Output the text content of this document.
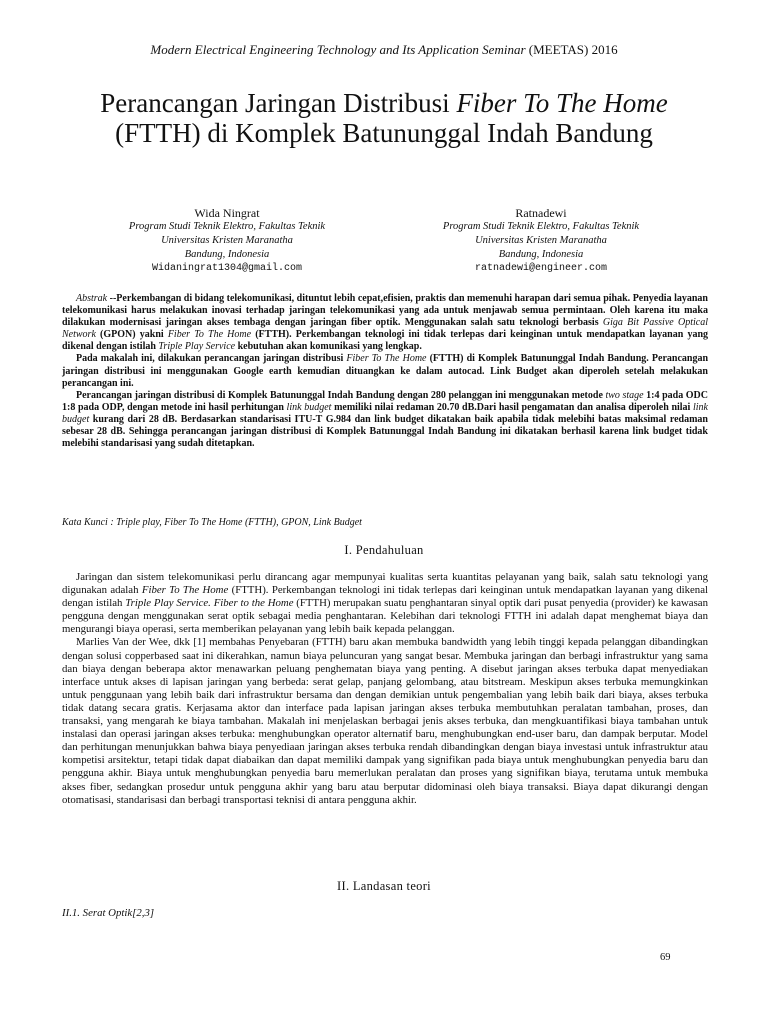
Modern Electrical Engineering Technology and Its Application Seminar (MEETAS) 2016
Perancangan Jaringan Distribusi Fiber To The Home (FTTH) di Komplek Batununggal Indah Bandung
Wida Ningrat
Program Studi Teknik Elektro, Fakultas Teknik
Universitas Kristen Maranatha
Bandung, Indonesia
Widaningrat1304@gmail.com
Ratnadewi
Program Studi Teknik Elektro, Fakultas Teknik
Universitas Kristen Maranatha
Bandung, Indonesia
ratnadewi@engineer.com

Abstrak --Perkembangan di bidang telekomunikasi, dituntut lebih cepat,efisien, praktis dan memenuhi harapan dari semua pihak. Penyedia layanan telekomunikasi harus melakukan inovasi terhadap jaringan telekomunikasi yang ada untuk menjawab semua permintaan. Oleh karena itu maka dilakukan modernisasi jaringan akses tembaga dengan jaringan fiber optik. Menggunakan salah satu teknologi berbasis Giga Bit Passive Optical Network (GPON) yakni Fiber To The Home (FTTH). Perkembangan teknologi ini tidak terlepas dari keinginan untuk mendapatkan layanan yang dikenal dengan istilah Triple Play Service kebutuhan akan komunikasi yang lengkap.

Pada makalah ini, dilakukan perancangan jaringan distribusi Fiber To The Home (FTTH) di Komplek Batununggal Indah Bandung. Perancangan jaringan distribusi ini menggunakan Google earth kemudian dituangkan ke dalam autocad. Link Budget akan diperoleh setelah melakukan perancangan ini.

Perancangan jaringan distribusi di Komplek Batununggal Indah Bandung dengan 280 pelanggan ini menggunakan metode two stage 1:4 pada ODC 1:8 pada ODP, dengan metode ini hasil perhitungan link budget memiliki nilai redaman 20.70 dB.Dari hasil pengamatan dan analisa diperoleh nilai link budget kurang dari 28 dB. Berdasarkan standarisasi ITU-T G.984 dan link budget dikatakan baik apabila tidak melebihi batas maksimal redaman sebesar 28 dB. Sehingga perancangan jaringan distribusi di Komplek Batununggal Indah Bandung ini dikatakan berhasil karena link budget tidak melebihi standarisasi yang sudah ditetapkan.

Kata Kunci : Triple play, Fiber To The Home (FTTH), GPON, Link Budget
I. Pendahuluan

Jaringan dan sistem telekomunikasi perlu dirancang agar mempunyai kualitas serta kuantitas pelayanan yang baik, salah satu teknologi yang digunakan adalah Fiber To The Home (FTTH). Perkembangan teknologi ini tidak terlepas dari keinginan untuk mendapatkan layanan yang dikenal dengan istilah Triple Play Service. Fiber to the Home (FTTH) merupakan suatu penghantaran sinyal optik dari pusat penyedia (provider) ke kawasan pengguna dengan menggunakan serat optik sebagai media penghantaran. Kelebihan dari teknologi FTTH ini adalah dapat menghemat biaya dan mengurangi biaya operasi, serta memberikan pelayanan yang lebih baik kepada pelanggan.

Marlies Van der Wee, dkk [1] membahas Penyebaran (FTTH) baru akan membuka bandwidth yang lebih tinggi kepada pelanggan dibandingkan dengan solusi copperbased saat ini dikerahkan, namun biaya peluncuran yang sangat besar. Membuka jaringan dan berbagi infrastruktur yang sama dan biaya dengan beberapa aktor menawarkan peluang penghematan biaya yang penting. A disebut jaringan akses terbuka dapat menyediakan interface untuk akses di lapisan jaringan yang berbeda: serat gelap, panjang gelombang, atau bitstream. Meskipun akses terbuka memungkinkan untuk penggunaan yang lebih baik dari infrastruktur bersama dan dengan demikian untuk pengembalian yang lebih baik dari biaya, akses terbuka tidak datang secara gratis. Kerjasama aktor dan interface pada lapisan jaringan akses terbuka membutuhkan peralatan tambahan, proses, dan transaksi, yang mengarah ke biaya tambahan. Makalah ini menjelaskan berbagai jenis akses terbuka, dan mengkuantifikasi biaya tambahan untuk instalasi dan operasi jaringan akses terbuka: menghubungkan operator alternatif baru, menghubungkan end-user baru, dan dampak berputar. Model dan perhitungan menunjukkan bahwa biaya penyediaan jaringan akses terbuka rendah dibandingkan dengan biaya investasi untuk infrastruktur atau kompetisi arsitektur, tetapi tidak dapat diabaikan dan dapat memiliki dampak yang signifikan pada biaya untuk menghubungkan penyedia baru dan pengguna akhir. Biaya untuk menghubungkan penyedia baru memerlukan peralatan dan proses yang signifikan biaya, terutama untuk membuka akses fiber, sedangkan prosedur untuk pengguna akhir yang baru atau berputar didominasi oleh biaya transaksi. Biaya dapat dikurangi dengan otomatisasi, standarisasi dan berbagi transportasi teknisi di antara pengguna akhir.

II. Landasan teori
II.1. Serat Optik[2,3]
69
